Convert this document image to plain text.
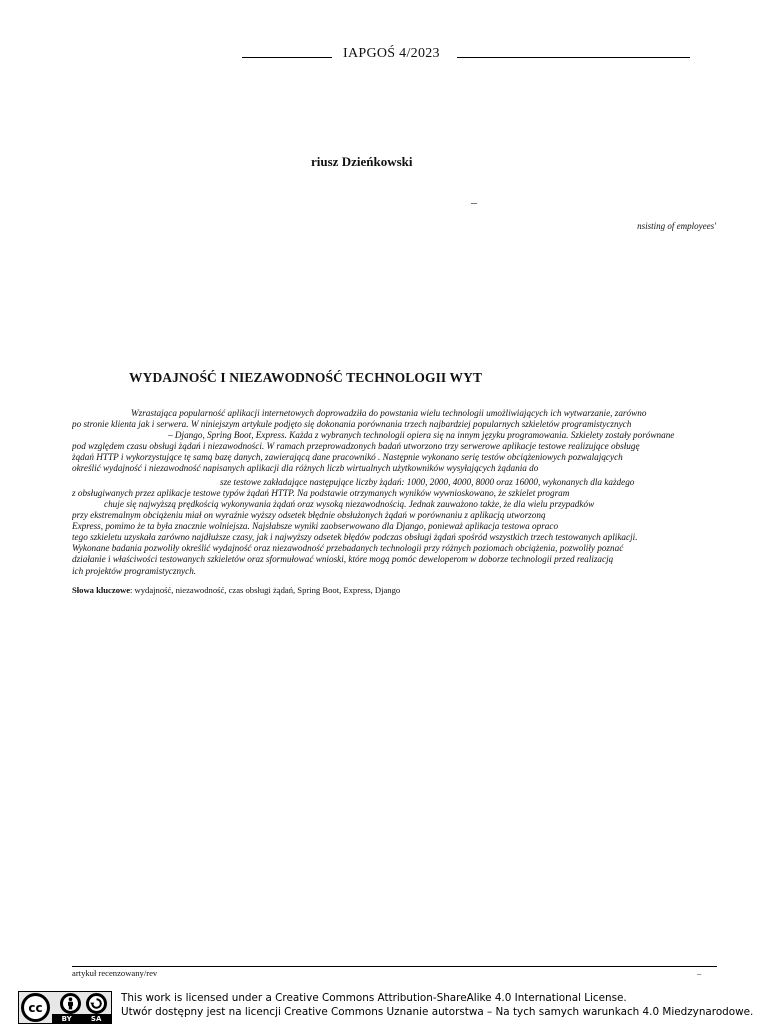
IAPGOŚ 4/2023
riusz Dzieńkowski
–
nsisting of employees'
WYDAJNOŚĆ I NIEZAWODNOŚĆ TECHNOLOGII WYT
Wzrastająca popularność aplikacji internetowych doprowadziła do powstania wielu technologii umożliwiających ich wytwarzanie, zarówno
po stronie klienta jak i serwera. W niniejszym artykule podjęto się dokonania porównania trzech najbardziej popularnych szkieletów programistycznych
– Django, Spring Boot, Express. Każda z wybranych technologii opiera się na innym języku programowania. Szkielety zostały porównane
pod względem czasu obsługi żądań i niezawodności. W ramach przeprowadzonych badań utworzono trzy serwerowe aplikacje testowe realizujące obsługę
żądań HTTP i wykorzystujące tę samą bazę danych, zawierającą dane pracownikó . Następnie wykonano serię testów obciążeniowych pozwalających
określić wydajność i niezawodność napisanych aplikacji dla różnych liczb wirtualnych użytkowników wysyłających żądania do
sze testowe zakładające następujące liczby żądań: 1000, 2000, 4000, 8000 oraz 16000, wykonanych dla każdego
z obsługiwanych przez aplikacje testowe typów żądań HTTP. Na podstawie otrzymanych wyników wywnioskowano, że szkielet program
chuje się najwyższą prędkością wykonywania żądań oraz wysoką niezawodnością. Jednak zauważono także, że dla wielu przypadków
przy ekstremalnym obciążeniu miał on wyraźnie wyższy odsetek błędnie obsłużonych żądań w porównaniu z aplikacją utworzoną
Express, pomimo że ta była znacznie wolniejsza. Najsłabsze wyniki zaobserwowano dla Django, ponieważ aplikacja testowa opraco
tego szkieletu uzyskała zarówno najdłuższe czasy, jak i najwyższy odsetek błędów podczas obsługi żądań spośród wszystkich trzech testowanych aplikacji.
Wykonane badania pozwoliły określić wydajność oraz niezawodność przebadanych technologii przy różnych poziomach obciążenia, pozwoliły poznać
działanie i właściwości testowanych szkieletów oraz sformułować wnioski, które mogą pomóc deweloperom w doborze technologii przed realizacją
ich projektów programistycznych.
Słowa kluczowe: wydajność, niezawodność, czas obsługi żądań, Spring Boot, Express, Django
artykuł recenzowany/rev	–
cc
BY	SA
This work is licensed under a Creative Commons Attribution-ShareAlike 4.0 International License.
Utwór dostępny jest na licencji Creative Commons Uznanie autorstwa – Na tych samych warunkach 4.0 Miedzynarodowe.
